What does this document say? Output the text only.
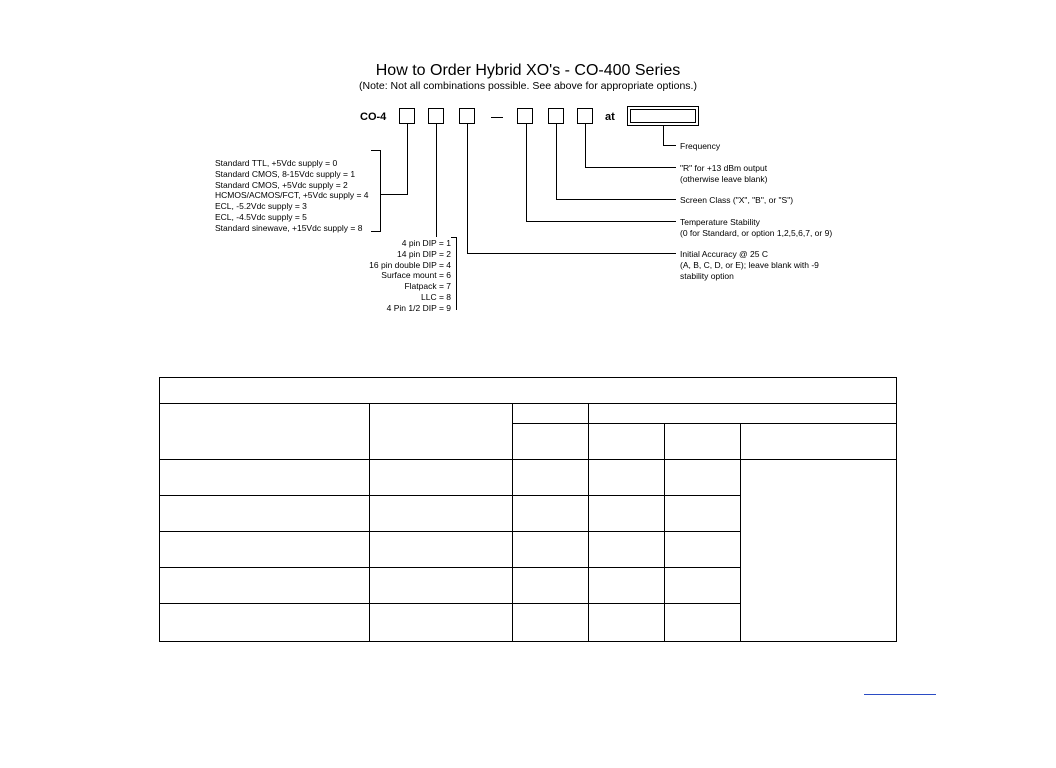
How to Order Hybrid XO's - CO-400 Series
(Note: Not all combinations possible. See above for appropriate options.)
CO-4	at
Standard TTL, +5Vdc supply = 0
Standard CMOS, 8-15Vdc supply = 1
Standard CMOS, +5Vdc supply = 2
HCMOS/ACMOS/FCT, +5Vdc supply = 4
ECL, -5.2Vdc supply = 3
ECL, -4.5Vdc supply = 5
Standard sinewave, +15Vdc supply = 8
4 pin DIP = 1
14 pin DIP = 2
16 pin double DIP = 4
Surface mount = 6
Flatpack = 7
LLC = 8
4 Pin 1/2 DIP = 9
Frequency
"R" for +13 dBm output
(otherwise leave blank)
Screen Class ("X", "B", or "S")
Temperature Stability
(0 for Standard, or option 1,2,5,6,7, or 9)
Initial Accuracy @ 25 C
(A, B, C, D, or E); leave blank with -9
stability option
